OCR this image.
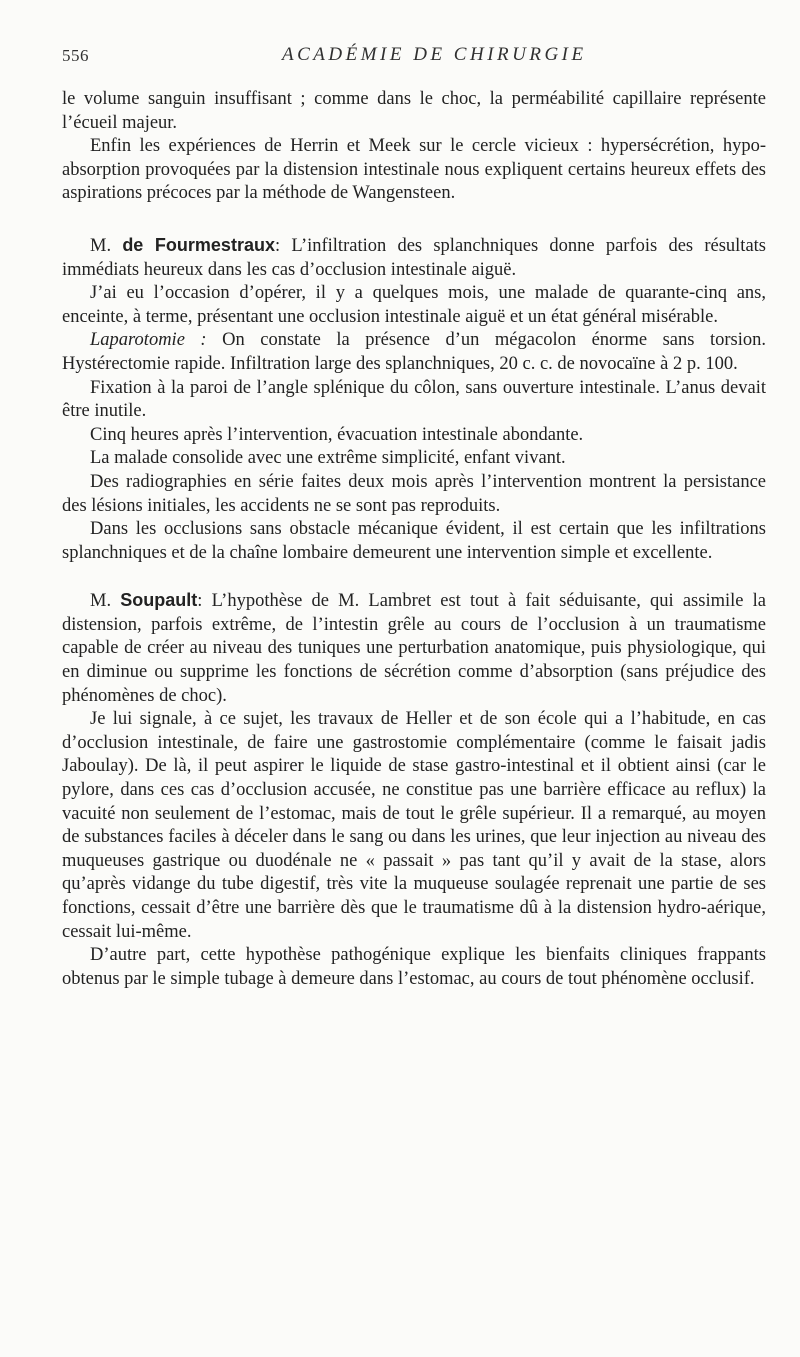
556	ACADÉMIE DE CHIRURGIE

le volume sanguin insuffisant ; comme dans le choc, la perméabilité capillaire représente l’écueil majeur.

Enfin les expériences de Herrin et Meek sur le cercle vicieux : hypersécrétion, hypo-absorption provoquées par la distension intestinale nous expliquent certains heureux effets des aspirations précoces par la méthode de Wangensteen.

M. de Fourmestraux: L’infiltration des splanchniques donne parfois des résultats immédiats heureux dans les cas d’occlusion intestinale aiguë.

J’ai eu l’occasion d’opérer, il y a quelques mois, une malade de quarante-cinq ans, enceinte, à terme, présentant une occlusion intestinale aiguë et un état général misérable.

Laparotomie : On constate la présence d’un mégacolon énorme sans torsion. Hystérectomie rapide. Infiltration large des splanchniques, 20 c. c. de novocaïne à 2 p. 100.

Fixation à la paroi de l’angle splénique du côlon, sans ouverture intestinale. L’anus devait être inutile.

Cinq heures après l’intervention, évacuation intestinale abondante.

La malade consolide avec une extrême simplicité, enfant vivant.

Des radiographies en série faites deux mois après l’intervention montrent la persistance des lésions initiales, les accidents ne se sont pas reproduits.

Dans les occlusions sans obstacle mécanique évident, il est certain que les infiltrations splanchniques et de la chaîne lombaire demeurent une intervention simple et excellente.

M. Soupault: L’hypothèse de M. Lambret est tout à fait séduisante, qui assimile la distension, parfois extrême, de l’intestin grêle au cours de l’occlusion à un traumatisme capable de créer au niveau des tuniques une perturbation anatomique, puis physiologique, qui en diminue ou supprime les fonctions de sécrétion comme d’absorption (sans préjudice des phénomènes de choc).

Je lui signale, à ce sujet, les travaux de Heller et de son école qui a l’habitude, en cas d’occlusion intestinale, de faire une gastrostomie complémentaire (comme le faisait jadis Jaboulay). De là, il peut aspirer le liquide de stase gastro-intestinal et il obtient ainsi (car le pylore, dans ces cas d’occlusion accusée, ne constitue pas une barrière efficace au reflux) la vacuité non seulement de l’estomac, mais de tout le grêle supérieur. Il a remarqué, au moyen de substances faciles à déceler dans le sang ou dans les urines, que leur injection au niveau des muqueuses gastrique ou duodénale ne « passait » pas tant qu’il y avait de la stase, alors qu’après vidange du tube digestif, très vite la muqueuse soulagée reprenait une partie de ses fonctions, cessait d’être une barrière dès que le traumatisme dû à la distension hydro-aérique, cessait lui-même.

D’autre part, cette hypothèse pathogénique explique les bienfaits cliniques frappants obtenus par le simple tubage à demeure dans l’estomac, au cours de tout phénomène occlusif.
